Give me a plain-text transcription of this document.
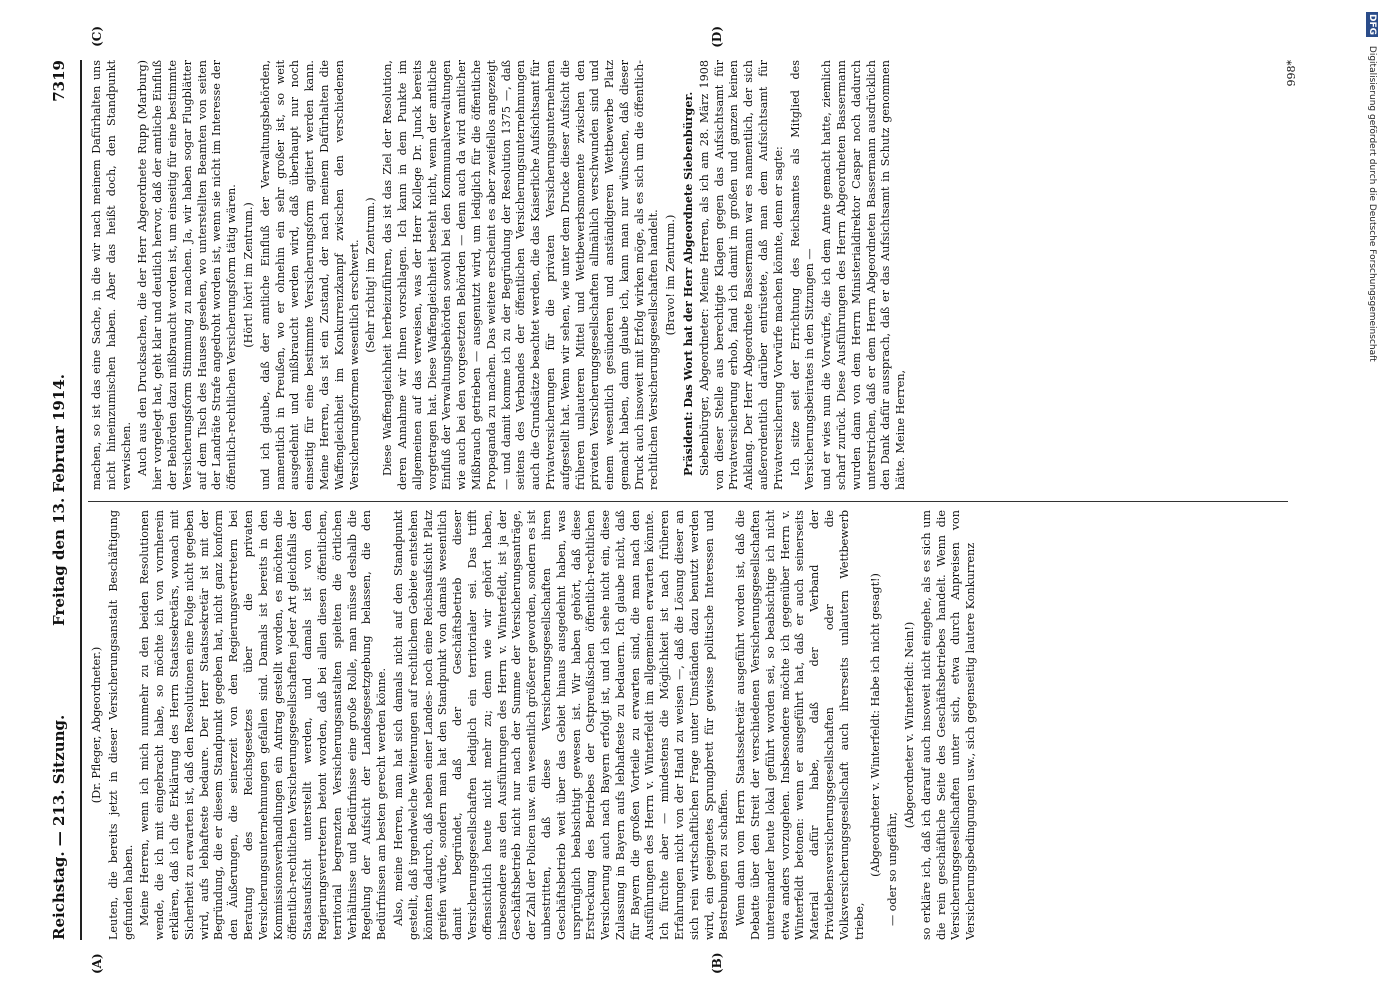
Reichstag. — 213. Sitzung.
Freitag den 13. Februar 1914.
7319
(A)	(B)
(C)	(D)

(Dr. Pfleger, Abgeordneter.) Leuten, die bereits jetzt in dieser Versicherungsanstalt Beschäftigung gefunden haben. Meine Herren, wenn ich mich nunmehr zu den beiden Resolutionen wende, die ich mit eingebracht habe, so möchte ich von vornherein erklären, daß ich die Erklärung des Herrn Staatssekretärs, wonach mit Sicherheit zu erwarten ist, daß den Resolutionen eine Folge nicht gegeben wird, aufs lebhafteste bedaure. Der Herr Staatssekretär ist mit der Begründung, die er diesem Standpunkt gegeben hat, nicht ganz konform den Äußerungen, die seinerzeit von den Regierungsvertretern bei Beratung des Reichsgesetzes über die privaten Versicherungsunternehmungen gefallen sind. Damals ist bereits in den Kommissionsverhandlungen ein Antrag gestellt worden, es möchten die öffentlich-rechtlichen Versicherungsgesellschaften jeder Art gleichfalls der Staatsaufsicht unterstellt werden, und damals ist von den Regierungsvertretern betont worden, daß bei allen diesen öffentlichen, territorial begrenzten Versicherungsanstalten spielten die örtlichen Verhältnisse und Bedürfnisse eine große Rolle, man müsse deshalb die Regelung der Aufsicht der Landesgesetzgebung belassen, die den Bedürfnissen am besten gerecht werden könne. Also, meine Herren, man hat sich damals nicht auf den Standpunkt gestellt, daß irgendwelche Weiterungen auf rechtlichem Gebiete entstehen könnten dadurch, daß neben einer Landes- noch eine Reichsaufsicht Platz greifen würde, sondern man hat den Standpunkt von damals wesentlich damit begründet, daß der Geschäftsbetrieb dieser Versicherungsgesellschaften lediglich ein territorialer sei. Das trifft offensichtlich heute nicht mehr zu; denn wie wir gehört haben, insbesondere aus den Ausführungen des Herrn v. Winterfeldt, ist ja der Geschäftsbetrieb nicht nur nach der Summe der Versicherungsanträge, der Zahl der Policen usw. ein wesentlich größerer geworden, sondern es ist unbestritten, daß diese Versicherungsgesellschaften ihren Geschäftsbetrieb weit über das Gebiet hinaus ausgedehnt haben, was ursprünglich beabsichtigt gewesen ist. Wir haben gehört, daß diese Erstreckung des Betriebes der Ostpreußischen öffentlich-rechtlichen Versicherung auch nach Bayern erfolgt ist, und ich sehe nicht ein, diese Zulassung in Bayern aufs lebhafteste zu bedauern. Ich glaube nicht, daß für Bayern die großen Vorteile zu erwarten sind, die man nach den Ausführungen des Herrn v. Winterfeldt im allgemeinen erwarten könnte. Ich fürchte aber — mindestens die Möglichkeit ist nach früheren Erfahrungen nicht von der Hand zu weisen —, daß die Lösung dieser an sich rein wirtschaftlichen Frage unter Umständen dazu benutzt werden wird, ein geeignetes Sprungbrett für gewisse politische Interessen und Bestrebungen zu schaffen. Wenn dann vom Herrn Staatssekretär ausgeführt worden ist, daß die Debatte über den Streit der verschiedenen Versicherungsgesellschaften untereinander heute lokal geführt worden sei, so beabsichtige ich nicht etwa anders vorzugehen. Insbesondere möchte ich gegenüber Herrn v. Winterfeldt betonen: wenn er ausgeführt hat, daß er auch seinerseits Material dafür habe, daß der Verband der Privatlebensversicherungsgesellschaften oder die Volksversicherungsgesellschaft auch ihrerseits unlautern Wettbewerb triebe,

(Abgeordneter v. Winterfeldt: Habe ich nicht gesagt!) — oder so ungefähr,

(Abgeordneter v. Winterfeldt: Nein!) so erkläre ich, daß ich darauf auch insoweit nicht eingehe, als es sich um die rein geschäftliche Seite des Geschäftsbetriebes handelt. Wenn die Versicherungsgesellschaften unter sich, etwa durch Anpreisen von Versicherungsbedingungen usw., sich gegenseitig lautere Konkurrenz

machen, so ist das eine Sache, in die wir nach meinem Dafürhalten uns nicht hineinzumischen haben. Aber das heißt doch, den Standpunkt verwischen. Auch aus den Drucksachen, die der Herr Abgeordnete Rupp (Marburg) hier vorgelegt hat, geht klar und deutlich hervor, daß der amtliche Einfluß der Behörden dazu mißbraucht worden ist, um einseitig für eine bestimmte Versicherungsform Stimmung zu machen. Ja, wir haben sogar Flugblätter auf dem Tisch des Hauses gesehen, wo unterstellten Beamten von seiten der Landräte Strafe angedroht worden ist, wenn sie nicht im Interesse der öffentlich-rechtlichen Versicherungsform tätig wären. (Hört! hört! im Zentrum.) und ich glaube, daß der amtliche Einfluß der Verwaltungsbehörden, namentlich in Preußen, wo er ohnehin ein sehr großer ist, so weit ausgedehnt und mißbraucht werden wird, daß überhaupt nur noch einseitig für eine bestimmte Versicherungsform agitiert werden kann. Meine Herren, das ist ein Zustand, der nach meinem Dafürhalten die Waffengleichheit im Konkurrenzkampf zwischen den verschiedenen Versicherungsformen wesentlich erschwert. (Sehr richtig! im Zentrum.) Diese Waffengleichheit herbeizuführen, das ist das Ziel der Resolution, deren Annahme wir Ihnen vorschlagen. Ich kann in dem Punkte im allgemeinen auf das verweisen, was der Herr Kollege Dr. Junck bereits vorgetragen hat. Diese Waffengleichheit besteht nicht, wenn der amtliche Einfluß der Verwaltungsbehörden sowohl bei den Kommunalverwaltungen wie auch bei den vorgesetzten Behörden — denn auch da wird amtlicher Mißbrauch getrieben — ausgenutzt wird, um lediglich für die öffentliche Propaganda zu machen. Das weitere erscheint es aber zweifellos angezeigt — und damit komme ich zu der Begründung der Resolution 1375 —, daß seitens des Verbandes der öffentlichen Versicherungsunternehmungen auch die Grundsätze beachtet werden, die das Kaiserliche Aufsichtsamt für Privatversicherungen für die privaten Versicherungsunternehmen aufgestellt hat. Wenn wir sehen, wie unter dem Drucke dieser Aufsicht die früheren unlauteren Mittel und Wettbewerbsmomente zwischen den privaten Versicherungsgesellschaften allmählich verschwunden sind und einem wesentlich gesünderen und anständigeren Wettbewerbe Platz gemacht haben, dann glaube ich, kann man nur wünschen, daß dieser Druck auch insoweit mit Erfolg wirken möge, als es sich um die öffentlich-rechtlichen Versicherungsgesellschaften handelt. (Bravo! im Zentrum.) Präsident: Das Wort hat der Herr Abgeordnete Siebenbürger. Siebenbürger, Abgeordneter: Meine Herren, als ich am 28. März 1908 von dieser Stelle aus berechtigte Klagen gegen das Aufsichtsamt für Privatversicherung erhob, fand ich damit im großen und ganzen keinen Anklang. Der Herr Abgeordnete Bassermann war es namentlich, der sich außerordentlich darüber entrüstete, daß man dem Aufsichtsamt für Privatversicherung Vorwürfe machen könnte, denn er sagte: Ich sitze seit der Errichtung des Reichsamtes als Mitglied des Versicherungsbeirates in den Sitzungen — und er wies nun die Vorwürfe, die ich dem Amte gemacht hatte, ziemlich scharf zurück. Diese Ausführungen des Herrn Abgeordneten Bassermann wurden dann von dem Herrn Ministerialdirektor Caspar noch dadurch unterstrichen, daß er dem Herrn Abgeordneten Bassermann ausdrücklich den Dank dafür aussprach, daß er das Aufsichtsamt in Schutz genommen hätte. Meine Herren,

998*
DFG Digitalisierung gefördert durch die Deutsche Forschungsgemeinschaft
